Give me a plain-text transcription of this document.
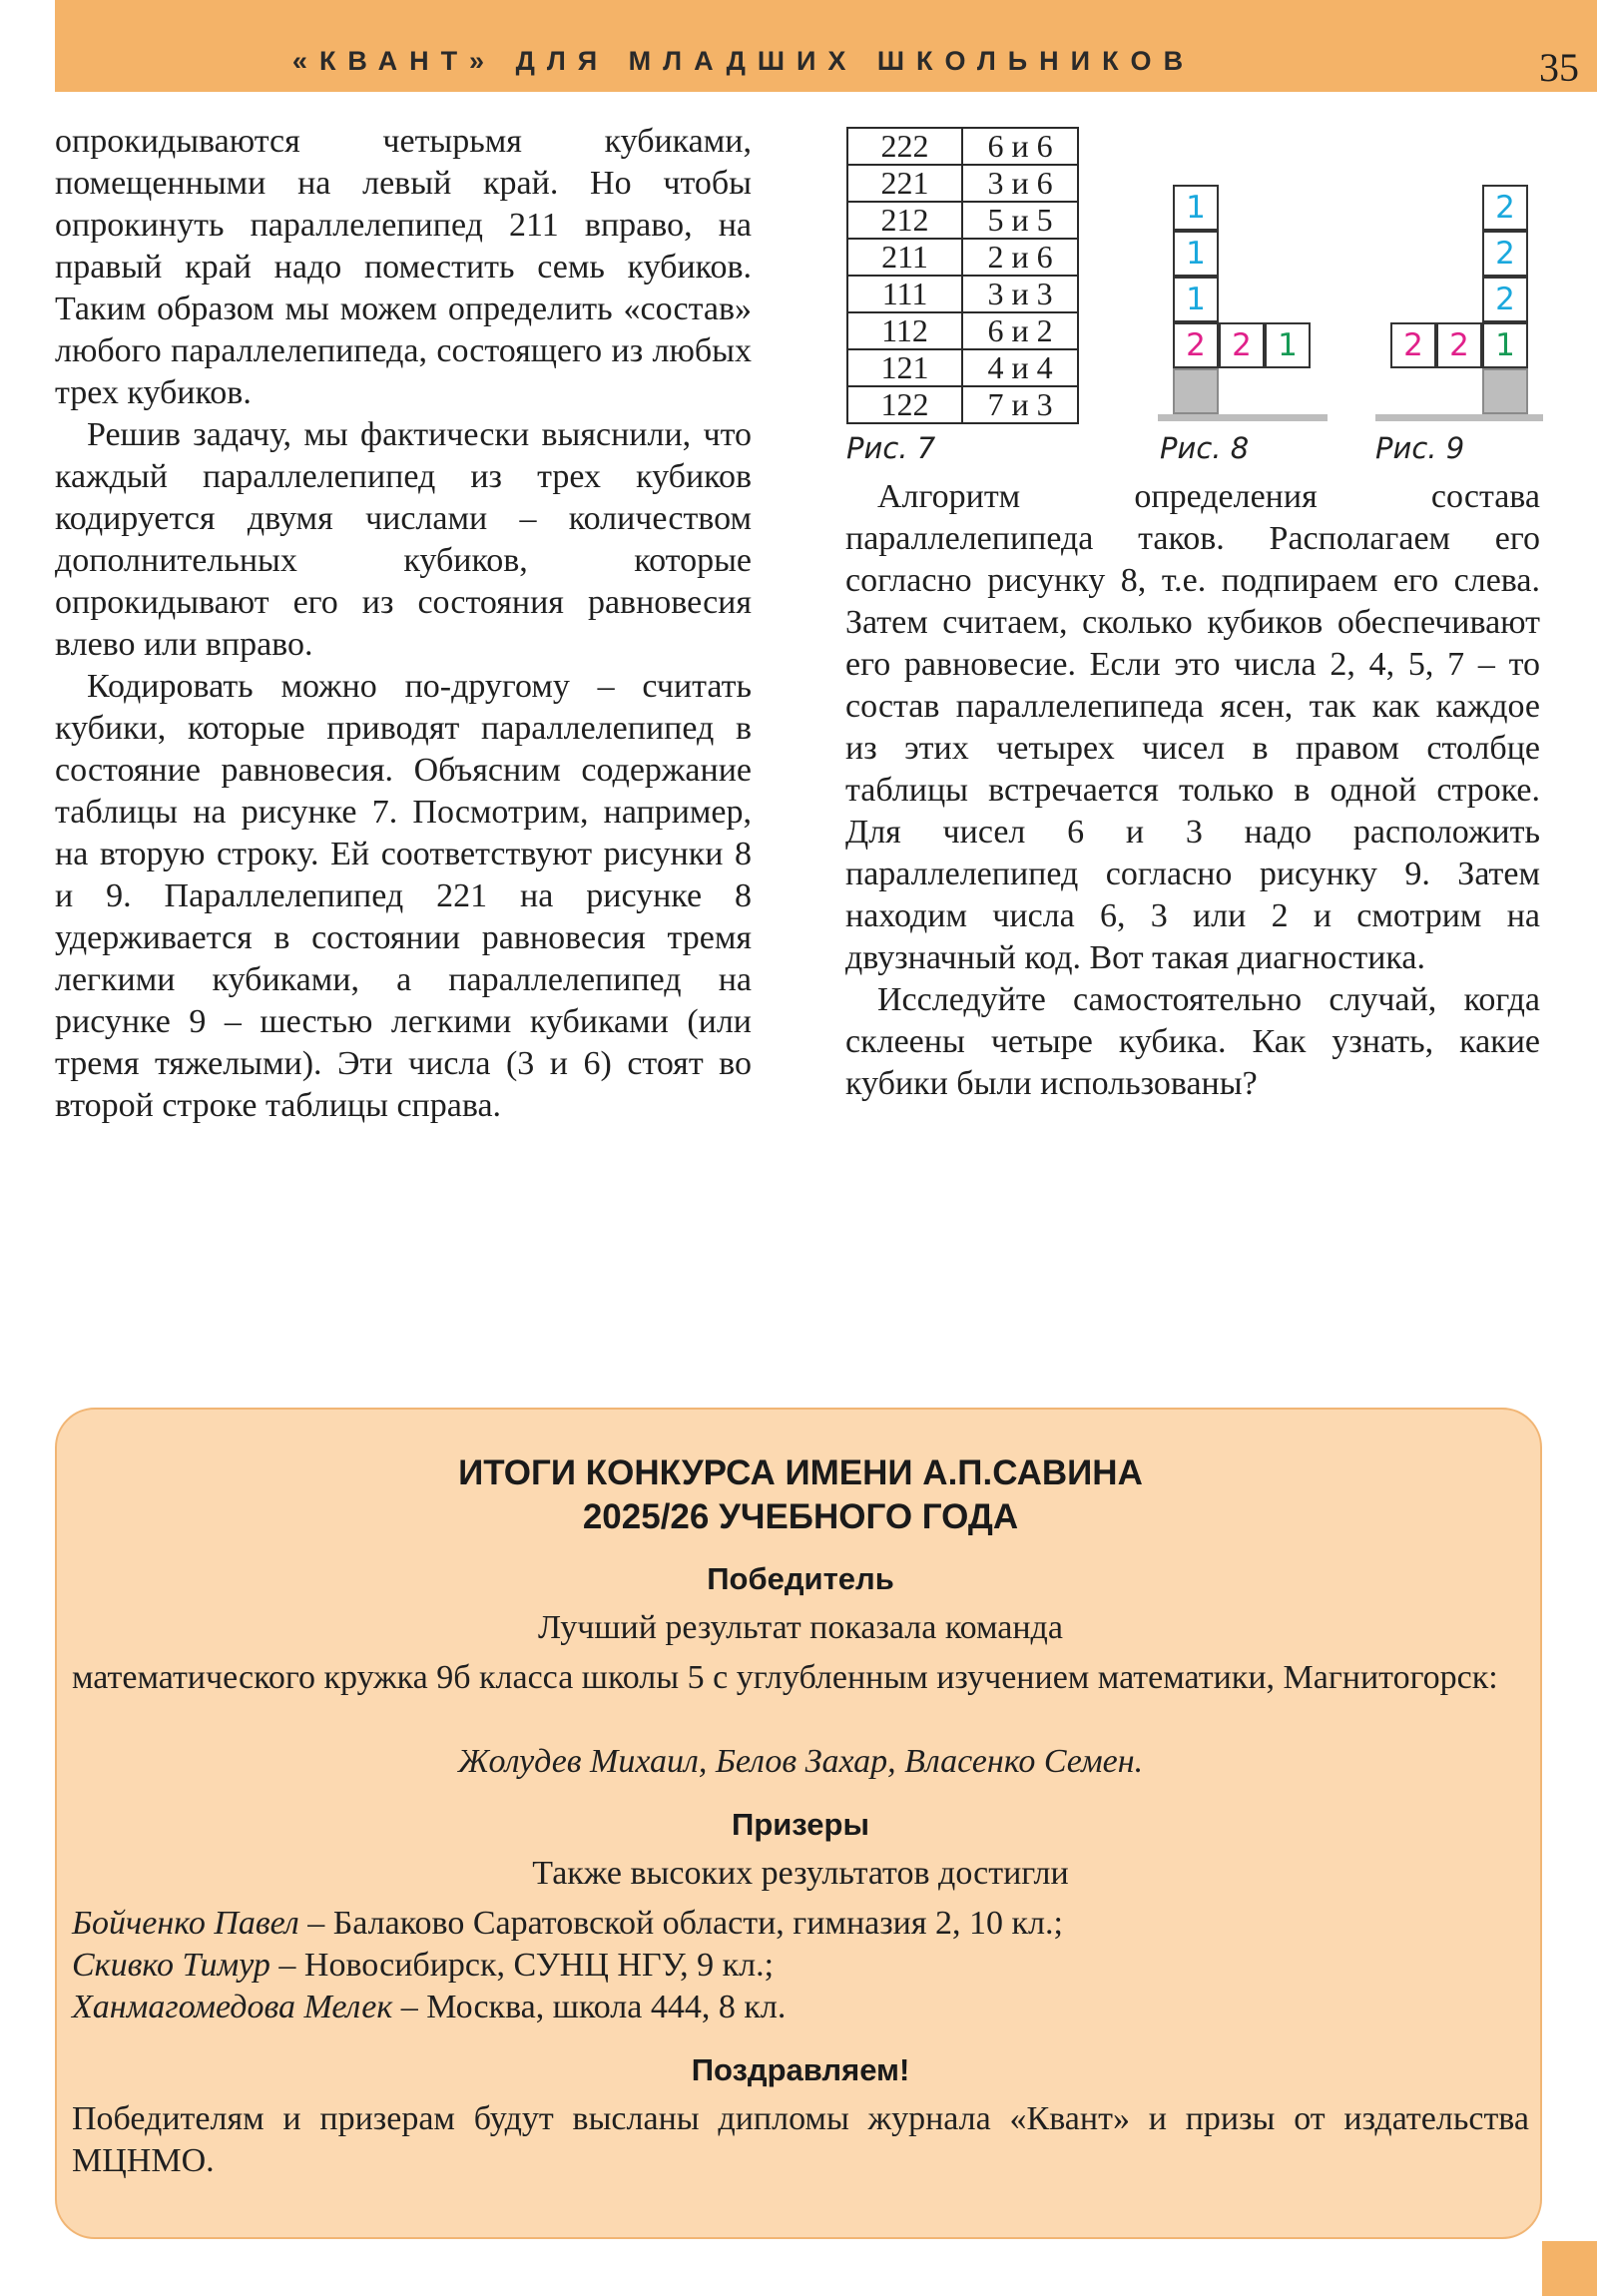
«КВАНТ» ДЛЯ МЛАДШИХ ШКОЛЬНИКОВ	35

опрокидываются четырьмя кубиками, помещенными на левый край. Но чтобы опрокинуть параллелепипед 211 вправо, на правый край надо поместить семь кубиков. Таким образом мы можем определить «состав» любого параллелепипеда, состоящего из любых трех кубиков.

Решив задачу, мы фактически выяснили, что каждый параллелепипед из трех кубиков кодируется двумя числами – количеством дополнительных кубиков, которые опрокидывают его из состояния равновесия влево или вправо.

Кодировать можно по-другому – считать кубики, которые приводят параллелепипед в состояние равновесия. Объясним содержание таблицы на рисунке 7. Посмотрим, например, на вторую строку. Ей соответствуют рисунки 8 и 9. Параллелепипед 221 на рисунке 8 удерживается в состоянии равновесия тремя легкими кубиками, а параллелепипед на рисунке 9 – шестью легкими кубиками (или тремя тяжелыми). Эти числа (3 и 6) стоят во второй строке таблицы справа.

222	6 и 6
221	3 и 6
212	5 и 5
211	2 и 6
111	3 и 3
112	6 и 2
121	4 и 4
122	7 и 3
Рис. 7
1
1
1
2 2 1
Рис. 8
2
2
2
2 2 1
Рис. 9

Алгоритм определения состава параллелепипеда таков. Располагаем его согласно рисунку 8, т.е. подпираем его слева. Затем считаем, сколько кубиков обеспечивают его равновесие. Если это числа 2, 4, 5, 7 – то состав параллелепипеда ясен, так как каждое из этих четырех чисел в правом столбце таблицы встречается только в одной строке. Для чисел 6 и 3 надо расположить параллелепипед согласно рисунку 9. Затем находим числа 6, 3 или 2 и смотрим на двузначный код. Вот такая диагностика.

Исследуйте самостоятельно случай, когда склеены четыре кубика. Как узнать, какие кубики были использованы?

ИТОГИ КОНКУРСА ИМЕНИ А.П.САВИНА
2025/26 УЧЕБНОГО ГОДА
Победитель
Лучший результат показала команда
математического кружка 9б класса школы 5 с углубленным изучением математики, Магнитогорск:
Жолудев Михаил, Белов Захар, Власенко Семен.
Призеры
Также высоких результатов достигли
Бойченко Павел – Балаково Саратовской области, гимназия 2, 10 кл.;
Скивко Тимур – Новосибирск, СУНЦ НГУ, 9 кл.;
Ханмагомедова Мелек – Москва, школа 444, 8 кл.
Поздравляем!
Победителям и призерам будут высланы дипломы журнала «Квант» и призы от издательства МЦНМО.
